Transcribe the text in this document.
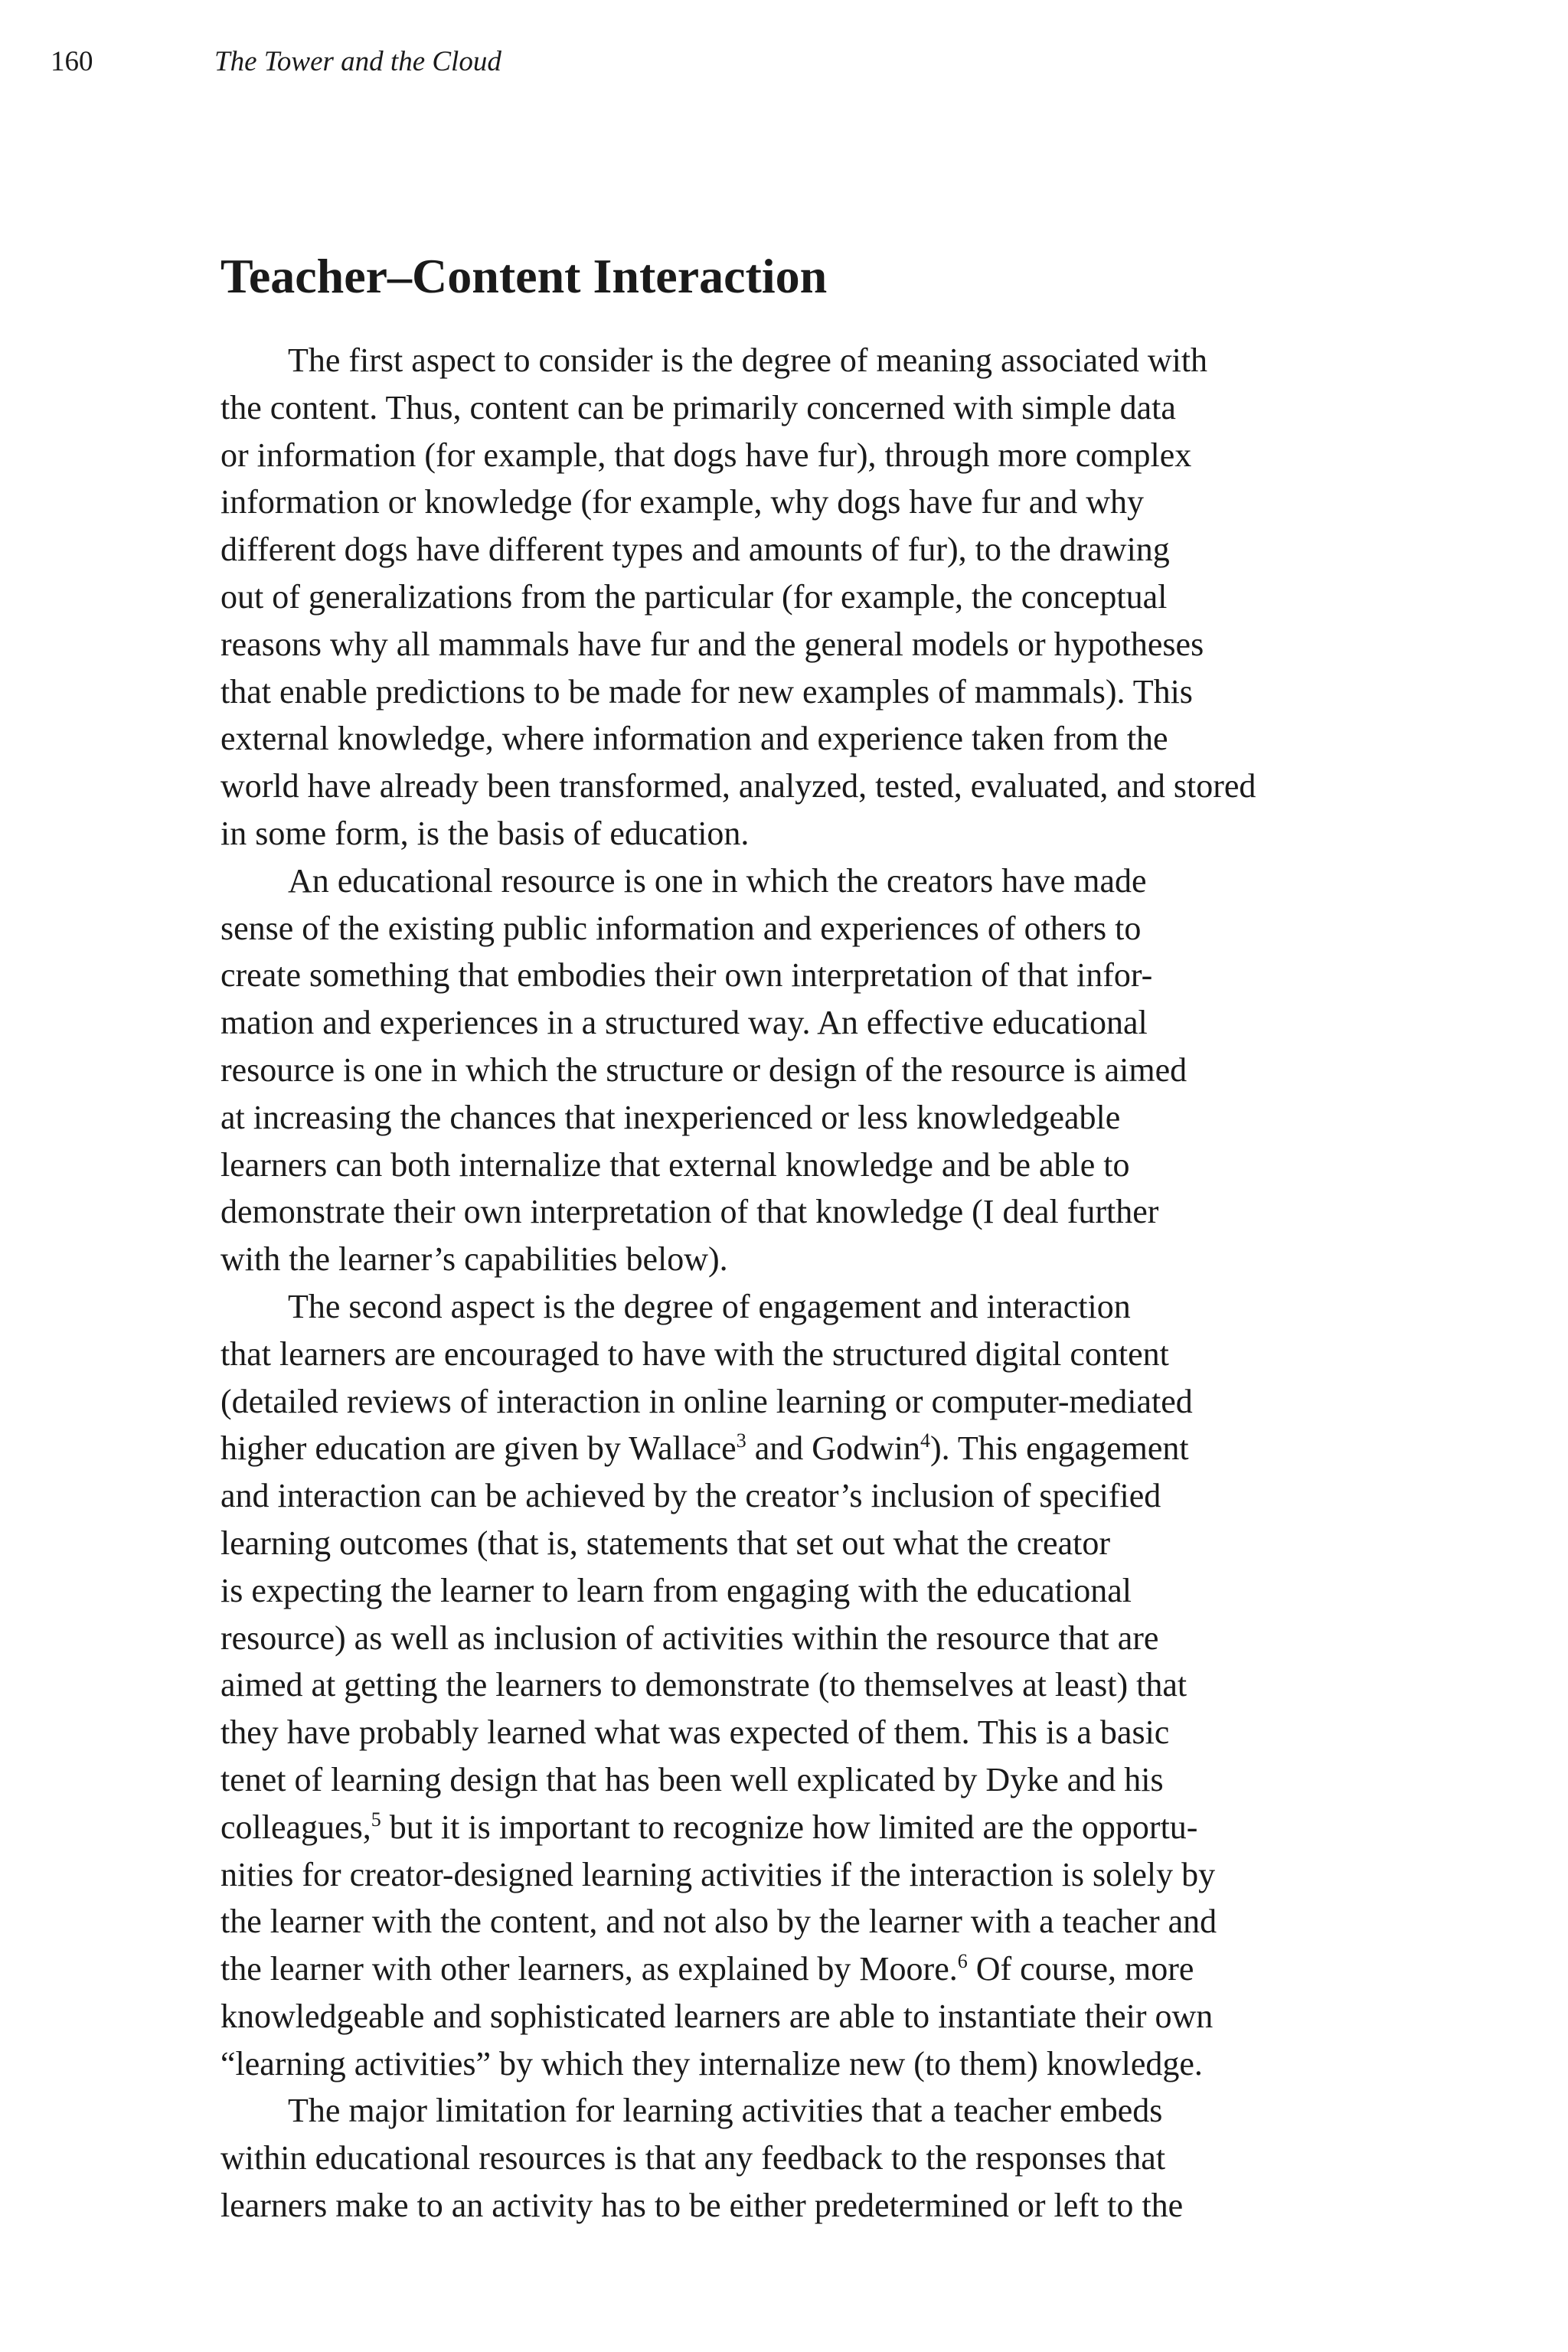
160	The Tower and the Cloud
Teacher–Content Interaction

The first aspect to consider is the degree of meaning associated with
the content. Thus, content can be primarily concerned with simple data
or information (for example, that dogs have fur), through more complex
information or knowledge (for example, why dogs have fur and why
different dogs have different types and amounts of fur), to the drawing
out of generalizations from the particular (for example, the conceptual
reasons why all mammals have fur and the general models or hypotheses
that enable predictions to be made for new examples of mammals). This
external knowledge, where information and experience taken from the
world have already been transformed, analyzed, tested, evaluated, and stored
in some form, is the basis of education.

An educational resource is one in which the creators have made
sense of the existing public information and experiences of others to
create something that embodies their own interpretation of that infor-
mation and experiences in a structured way. An effective educational
resource is one in which the structure or design of the resource is aimed
at increasing the chances that inexperienced or less knowledgeable
learners can both internalize that external knowledge and be able to
demonstrate their own interpretation of that knowledge (I deal further
with the learner’s capabilities below).

The second aspect is the degree of engagement and interaction
that learners are encouraged to have with the structured digital content
(detailed reviews of interaction in online learning or computer-mediated
higher education are given by Wallace$^3$ and Godwin$^4$). This engagement
and interaction can be achieved by the creator’s inclusion of specified
learning outcomes (that is, statements that set out what the creator
is expecting the learner to learn from engaging with the educational
resource) as well as inclusion of activities within the resource that are
aimed at getting the learners to demonstrate (to themselves at least) that
they have probably learned what was expected of them. This is a basic
tenet of learning design that has been well explicated by Dyke and his
colleagues,$^5$ but it is important to recognize how limited are the opportu-
nities for creator-designed learning activities if the interaction is solely by
the learner with the content, and not also by the learner with a teacher and
the learner with other learners, as explained by Moore.$^6$ Of course, more
knowledgeable and sophisticated learners are able to instantiate their own
“learning activities” by which they internalize new (to them) knowledge.

The major limitation for learning activities that a teacher embeds
within educational resources is that any feedback to the responses that
learners make to an activity has to be either predetermined or left to the
